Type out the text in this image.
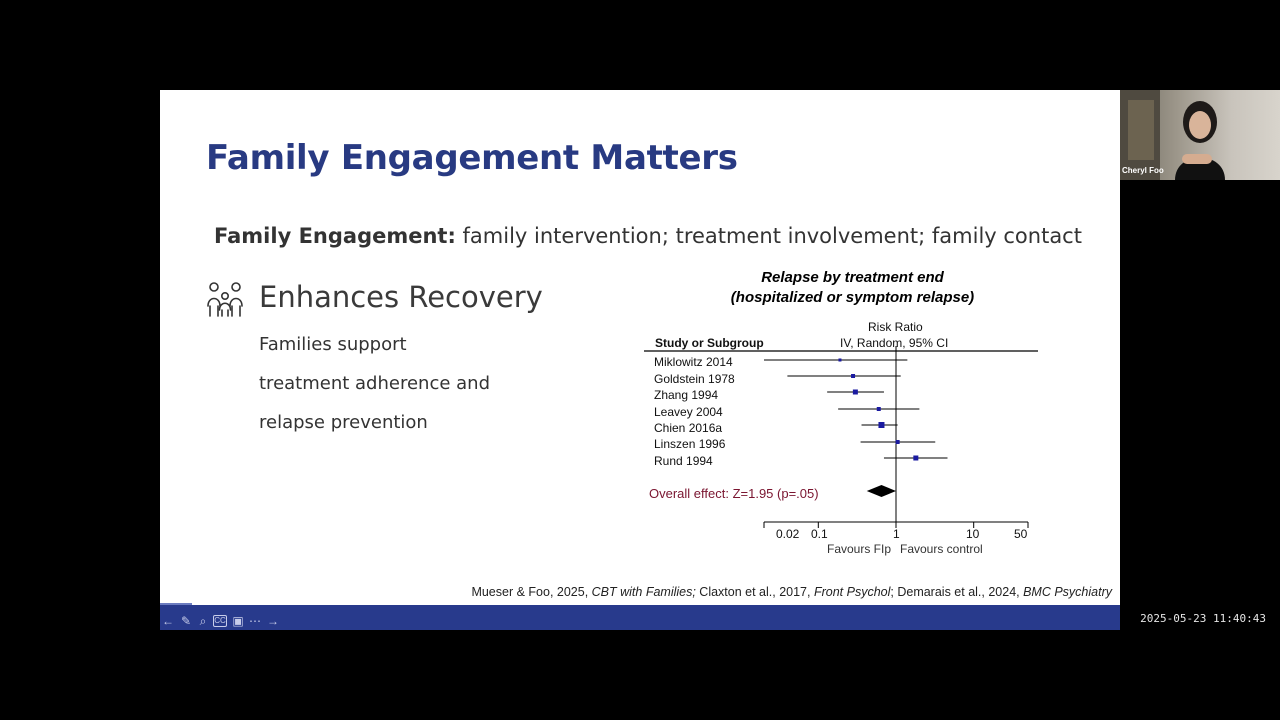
Family Engagement Matters
Family Engagement: family intervention; treatment involvement; family contact
Enhances Recovery
Families support
treatment adherence and
relapse prevention
Relapse by treatment end
(hospitalized or symptom relapse)
Study or Subgroup
Risk Ratio
IV, Random, 95% CI
Miklowitz 2014
Goldstein 1978
Zhang 1994
Leavey 2004
Chien 2016a
Linszen 1996
Rund 1994
Overall effect: Z=1.95 (p=.05)
0.02 0.1	1	10	50
Favours FIp Favours control
Mueser & Foo, 2025, CBT with Families; Claxton et al., 2017, Front Psychol; Demarais et al., 2024, BMC Psychiatry
← ✎ ⌕ CC ▣ ⋯ →
Cheryl Foo
2025-05-23 11:40:43
